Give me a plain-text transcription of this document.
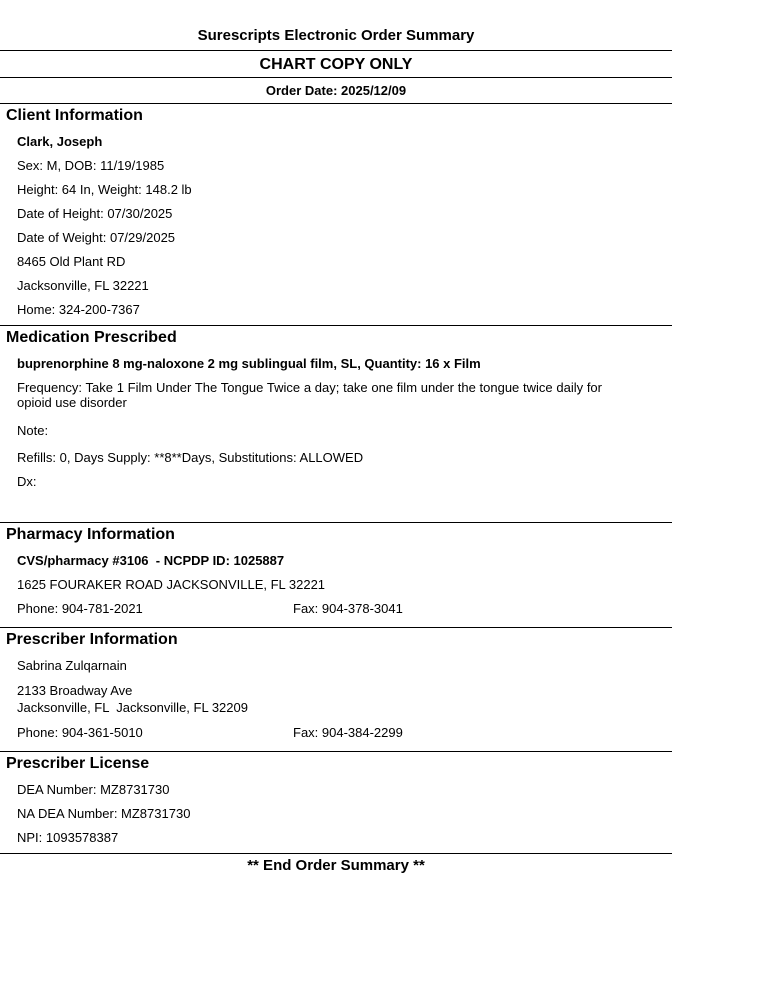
Surescripts Electronic Order Summary
CHART COPY ONLY
Order Date: 2025/12/09
Client Information
Clark, Joseph
Sex: M, DOB: 11/19/1985
Height: 64 In, Weight: 148.2 lb
Date of Height: 07/30/2025
Date of Weight: 07/29/2025
8465 Old Plant RD
Jacksonville, FL 32221
Home: 324-200-7367
Medication Prescribed
buprenorphine 8 mg-naloxone 2 mg sublingual film, SL, Quantity: 16 x Film
Frequency: Take 1 Film Under The Tongue Twice a day; take one film under the tongue twice daily for opioid use disorder
Note:
Refills: 0, Days Supply: **8**Days, Substitutions: ALLOWED
Dx:
Pharmacy Information
CVS/pharmacy #3106  - NCPDP ID: 1025887
1625 FOURAKER ROAD JACKSONVILLE, FL 32221
Phone: 904-781-2021	Fax: 904-378-3041
Prescriber Information
Sabrina Zulqarnain
2133 Broadway Ave
Jacksonville, FL  Jacksonville, FL 32209
Phone: 904-361-5010	Fax: 904-384-2299
Prescriber License
DEA Number: MZ8731730
NA DEA Number: MZ8731730
NPI: 1093578387
** End Order Summary **
